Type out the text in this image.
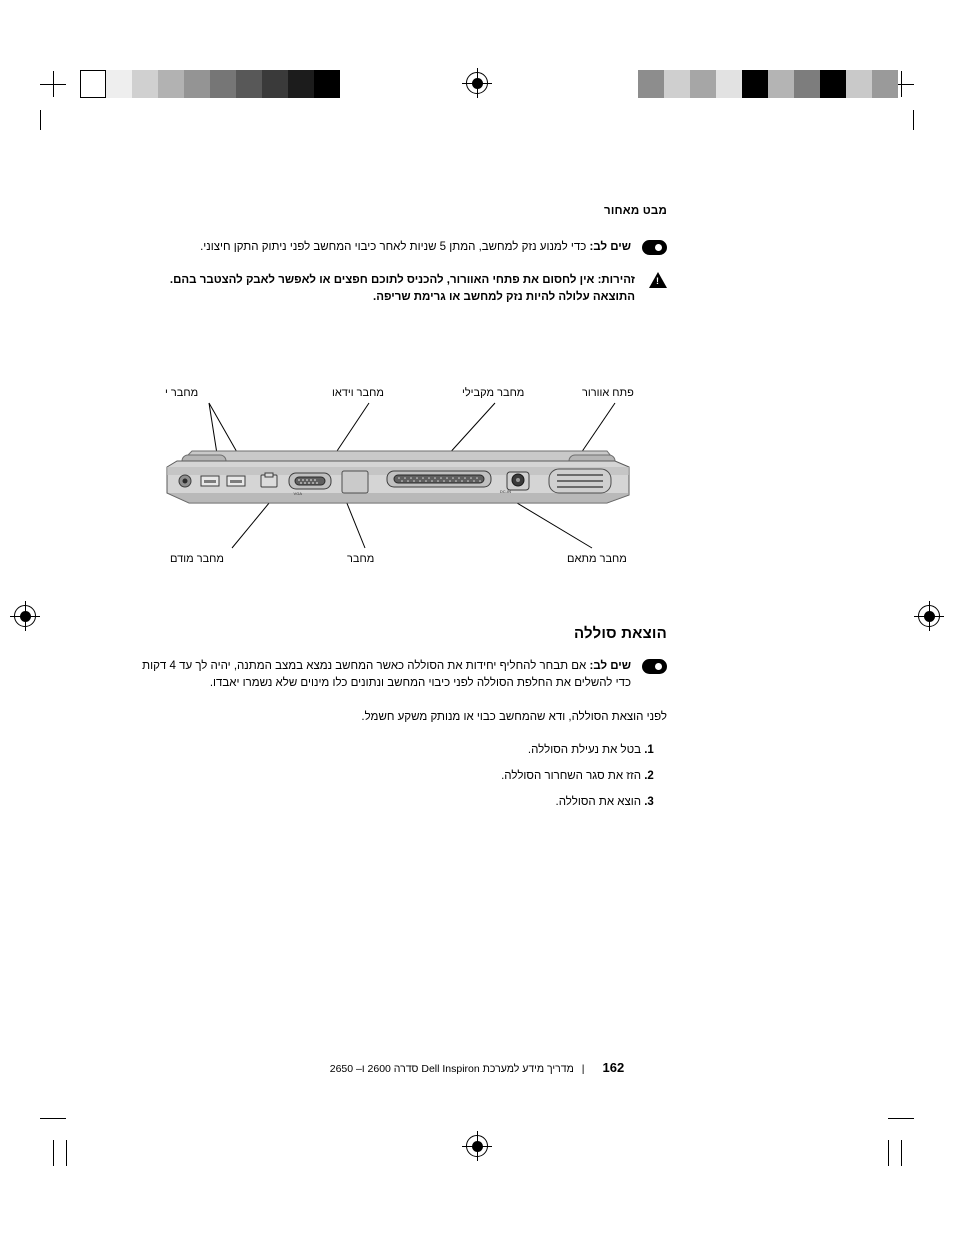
מבט מאחור
שים לב: כדי למנוע נזק למחשב, המתן 5 שניות לאחר כיבוי המחשב לפני ניתוק התקן חיצוני.
!
זהירות: אין לחסום את פתחי האוורור, להכניס לתוכם חפצים או לאפשר לאבק להצטבר בהם. התוצאה עלולה להיות נזק למחשב או גרימת שריפה.
מחבר י	מחבר וידאו	מחבר מקבילי	פתח אוורור
מחבר מודם	מחבר	מחבר מתאם
VGA	DC-IN
הוצאת סוללה
שים לב: אם תבחר להחליף יחידות את הסוללה כאשר המחשב נמצא במצב המתנה, יהיה לך עד 4 דקות כדי להשלים את החלפת הסוללה לפני כיבוי המחשב ונתונים כלו מינוים שלא נשמרו יאבדו.

לפני הוצאת הסוללה, ודא שהמחשב כבוי או מנותק משקע חשמל.

1. בטל את נעילת הסוללה.
2. הזז את סגר השחרור הסוללה.
3. הוצא את הסוללה.
162|מדריך מידע למערכת Dell Inspiron סדרה 2600 ו– 2650
